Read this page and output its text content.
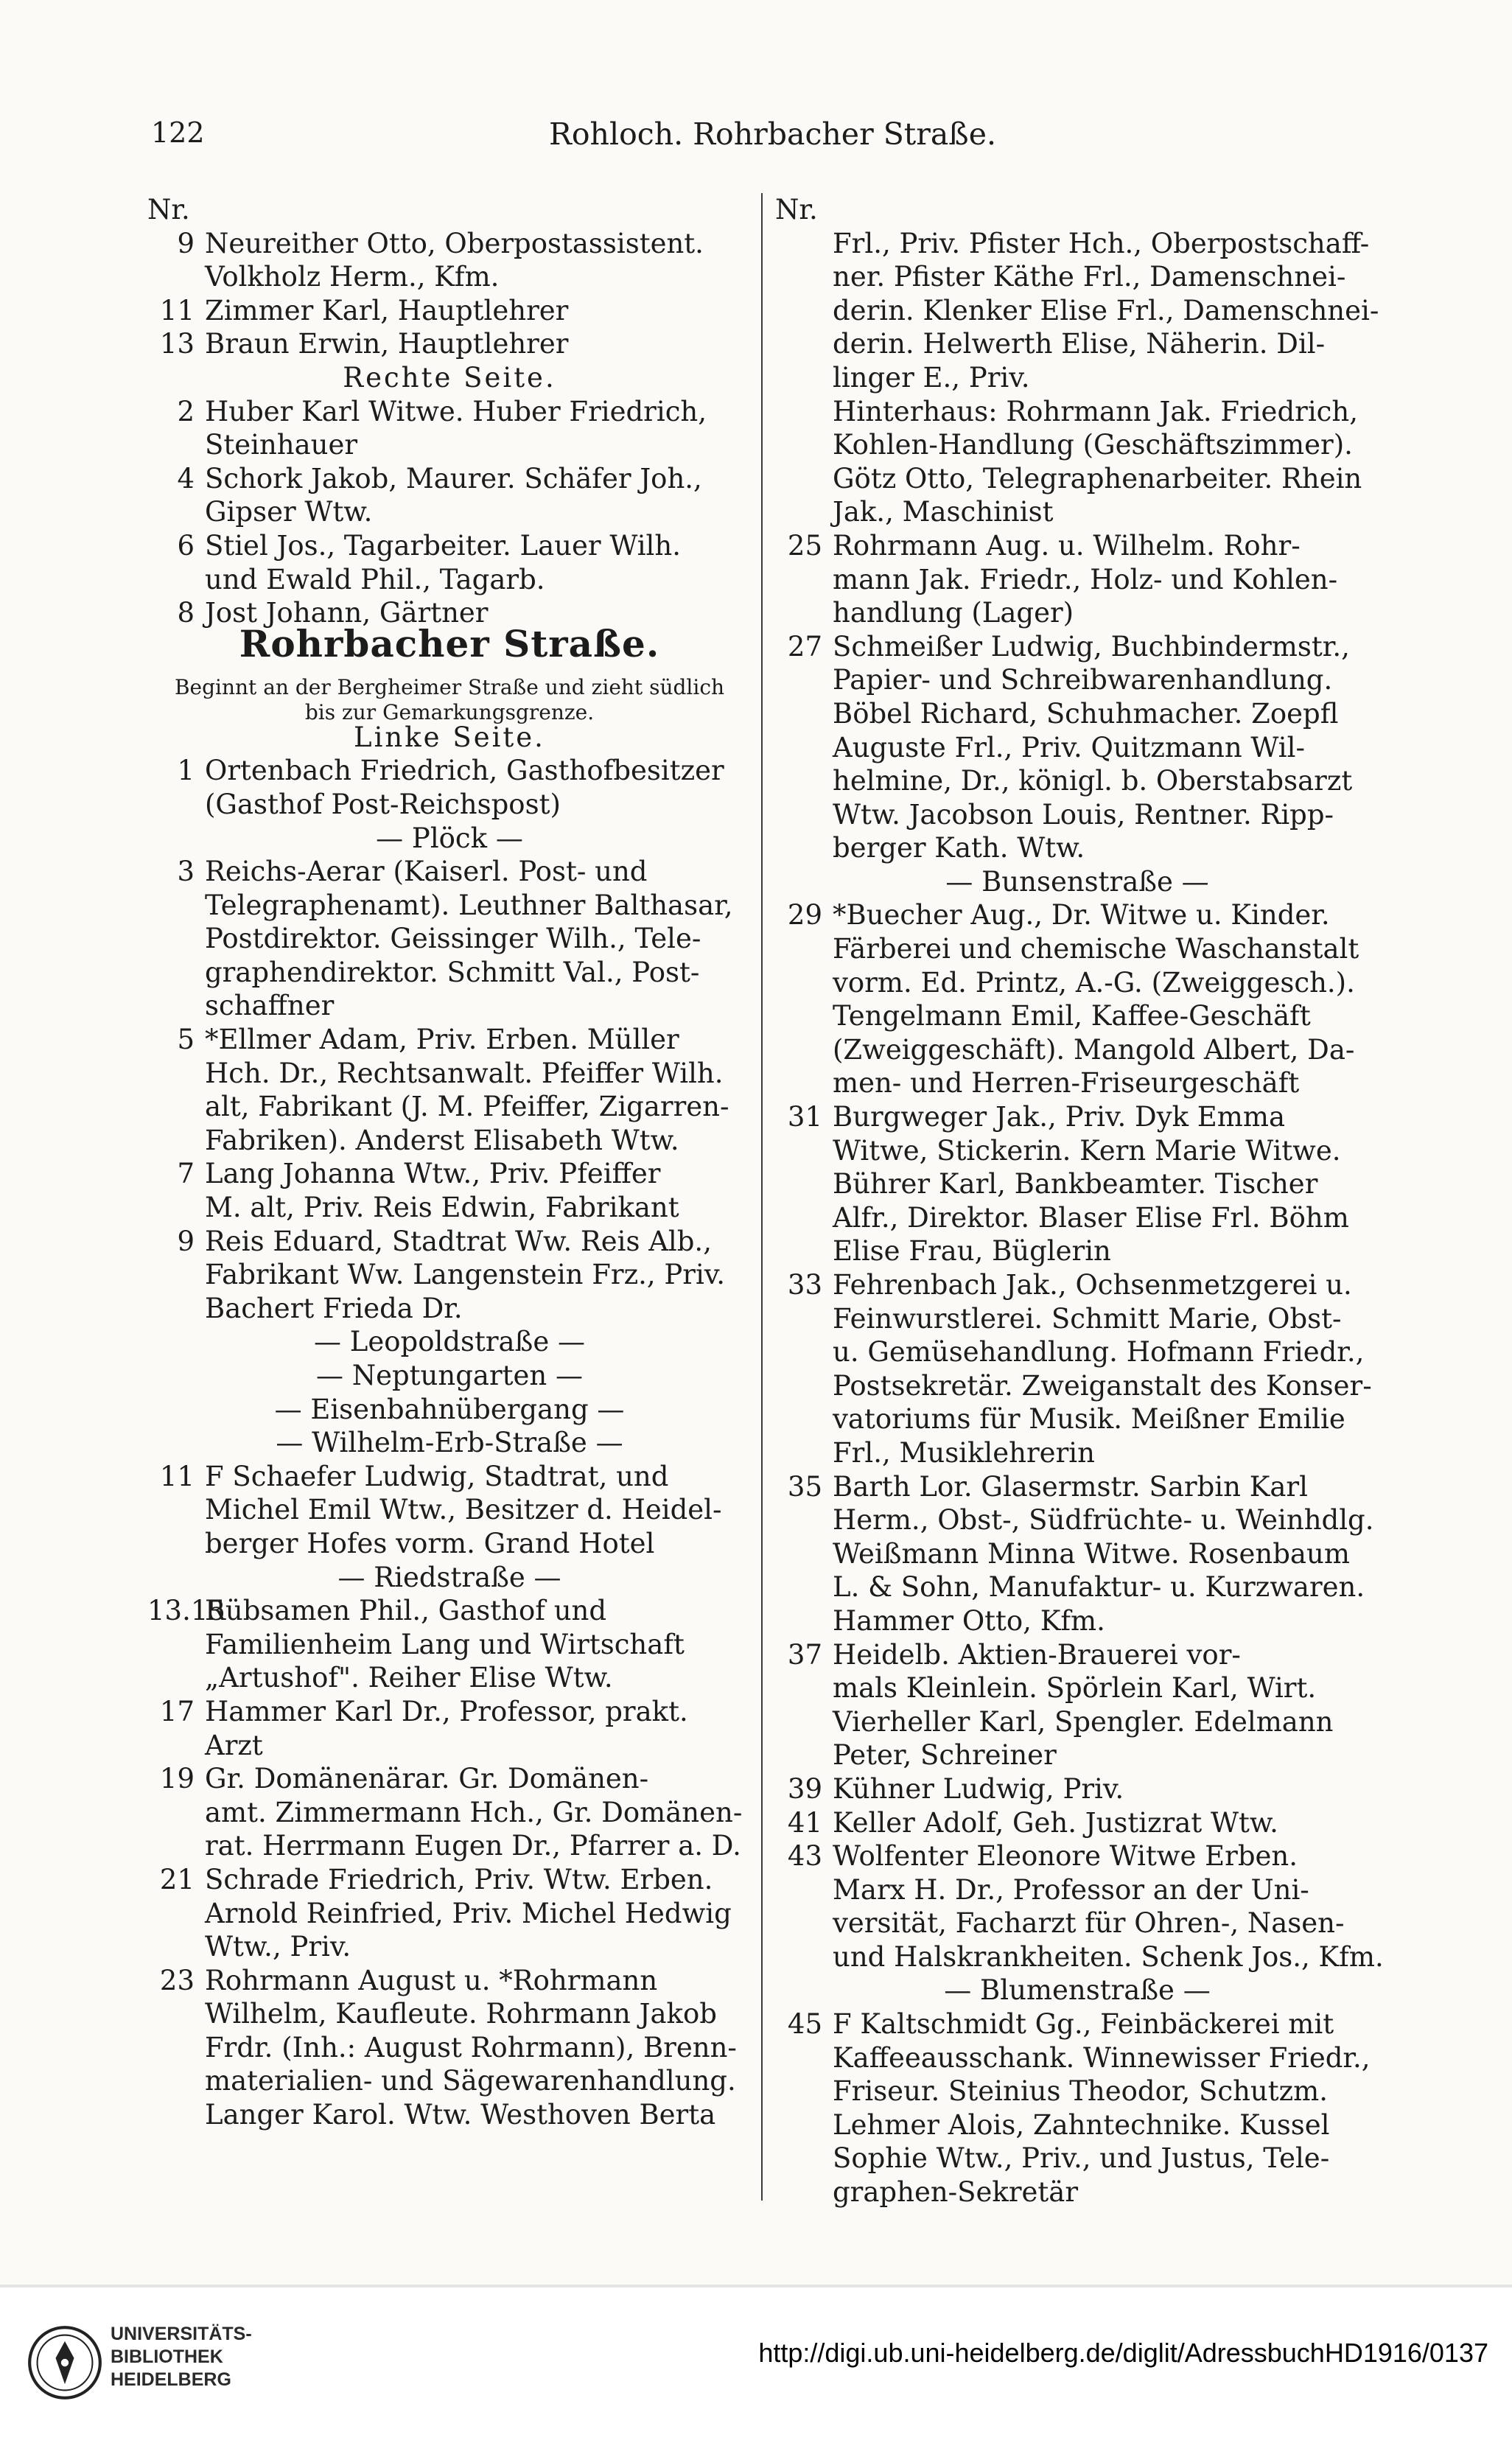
122	Rohloch. Rohrbacher Straße.
Nr.
9 Neureither Otto, Oberpostassistent.
Volkholz Herm., Kfm.
11 Zimmer Karl, Hauptlehrer
13 Braun Erwin, Hauptlehrer
Rechte Seite.
2 Huber Karl Witwe. Huber Friedrich,
Steinhauer
4 Schork Jakob, Maurer. Schäfer Joh.,
Gipser Wtw.
6 Stiel Jos., Tagarbeiter. Lauer Wilh.
und Ewald Phil., Tagarb.
8 Jost Johann, Gärtner
Rohrbacher Straße.
Beginnt an der Bergheimer Straße und zieht südlich
bis zur Gemarkungsgrenze.
Linke Seite.
1 Ortenbach Friedrich, Gasthofbesitzer
(Gasthof Post-Reichspost)
— Plöck —
3 Reichs-Aerar (Kaiserl. Post- und
Telegraphenamt). Leuthner Balthasar,
Postdirektor. Geissinger Wilh., Tele-
graphendirektor. Schmitt Val., Post-
schaffner
5 *Ellmer Adam, Priv. Erben. Müller
Hch. Dr., Rechtsanwalt. Pfeiffer Wilh.
alt, Fabrikant (J. M. Pfeiffer, Zigarren-
Fabriken). Anderst Elisabeth Wtw.
7 Lang Johanna Wtw., Priv. Pfeiffer
M. alt, Priv. Reis Edwin, Fabrikant
9 Reis Eduard, Stadtrat Ww. Reis Alb.,
Fabrikant Ww. Langenstein Frz., Priv.
Bachert Frieda Dr.
— Leopoldstraße —
— Neptungarten —
— Eisenbahnübergang —
— Wilhelm-Erb-Straße —
11 F Schaefer Ludwig, Stadtrat, und
Michel Emil Wtw., Besitzer d. Heidel-
berger Hofes vorm. Grand Hotel
— Riedstraße —
13.15
Rübsamen Phil., Gasthof und
Familienheim Lang und Wirtschaft
„Artushof". Reiher Elise Wtw.
17 Hammer Karl Dr., Professor, prakt.
Arzt
19 Gr. Domänenärar. Gr. Domänen-
amt. Zimmermann Hch., Gr. Domänen-
rat. Herrmann Eugen Dr., Pfarrer a. D.
21 Schrade Friedrich, Priv. Wtw. Erben.
Arnold Reinfried, Priv. Michel Hedwig
Wtw., Priv.
23 Rohrmann August u. *Rohrmann
Wilhelm, Kaufleute. Rohrmann Jakob
Frdr. (Inh.: August Rohrmann), Brenn-
materialien- und Sägewarenhandlung.
Langer Karol. Wtw. Westhoven Berta
Nr.
Frl., Priv. Pfister Hch., Oberpostschaff-
ner. Pfister Käthe Frl., Damenschnei-
derin. Klenker Elise Frl., Damenschnei-
derin. Helwerth Elise, Näherin. Dil-
linger E., Priv.
Hinterhaus: Rohrmann Jak. Friedrich,
Kohlen-Handlung (Geschäftszimmer).
Götz Otto, Telegraphenarbeiter. Rhein
Jak., Maschinist
25 Rohrmann Aug. u. Wilhelm. Rohr-
mann Jak. Friedr., Holz- und Kohlen-
handlung (Lager)
27 Schmeißer Ludwig, Buchbindermstr.,
Papier- und Schreibwarenhandlung.
Böbel Richard, Schuhmacher. Zoepfl
Auguste Frl., Priv. Quitzmann Wil-
helmine, Dr., königl. b. Oberstabsarzt
Wtw. Jacobson Louis, Rentner. Ripp-
berger Kath. Wtw.
— Bunsenstraße —
29 *Buecher Aug., Dr. Witwe u. Kinder.
Färberei und chemische Waschanstalt
vorm. Ed. Printz, A.-G. (Zweiggesch.).
Tengelmann Emil, Kaffee-Geschäft
(Zweiggeschäft). Mangold Albert, Da-
men- und Herren-Friseurgeschäft
31 Burgweger Jak., Priv. Dyk Emma
Witwe, Stickerin. Kern Marie Witwe.
Bührer Karl, Bankbeamter. Tischer
Alfr., Direktor. Blaser Elise Frl. Böhm
Elise Frau, Büglerin
33 Fehrenbach Jak., Ochsenmetzgerei u.
Feinwurstlerei. Schmitt Marie, Obst-
u. Gemüsehandlung. Hofmann Friedr.,
Postsekretär. Zweiganstalt des Konser-
vatoriums für Musik. Meißner Emilie
Frl., Musiklehrerin
35 Barth Lor. Glasermstr. Sarbin Karl
Herm., Obst-, Südfrüchte- u. Weinhdlg.
Weißmann Minna Witwe. Rosenbaum
L. & Sohn, Manufaktur- u. Kurzwaren.
Hammer Otto, Kfm.
37 Heidelb. Aktien-Brauerei vor-
mals Kleinlein. Spörlein Karl, Wirt.
Vierheller Karl, Spengler. Edelmann
Peter, Schreiner
39 Kühner Ludwig, Priv.
41 Keller Adolf, Geh. Justizrat Wtw.
43 Wolfenter Eleonore Witwe Erben.
Marx H. Dr., Professor an der Uni-
versität, Facharzt für Ohren-, Nasen-
und Halskrankheiten. Schenk Jos., Kfm.
— Blumenstraße —
45 F Kaltschmidt Gg., Feinbäckerei mit
Kaffeeausschank. Winnewisser Friedr.,
Friseur. Steinius Theodor, Schutzm.
Lehmer Alois, Zahntechnike. Kussel
Sophie Wtw., Priv., und Justus, Tele-
graphen-Sekretär
UNIVERSITÄTS-
BIBLIOTHEK
HEIDELBERG
http://digi.ub.uni-heidelberg.de/diglit/AdressbuchHD1916/0137
